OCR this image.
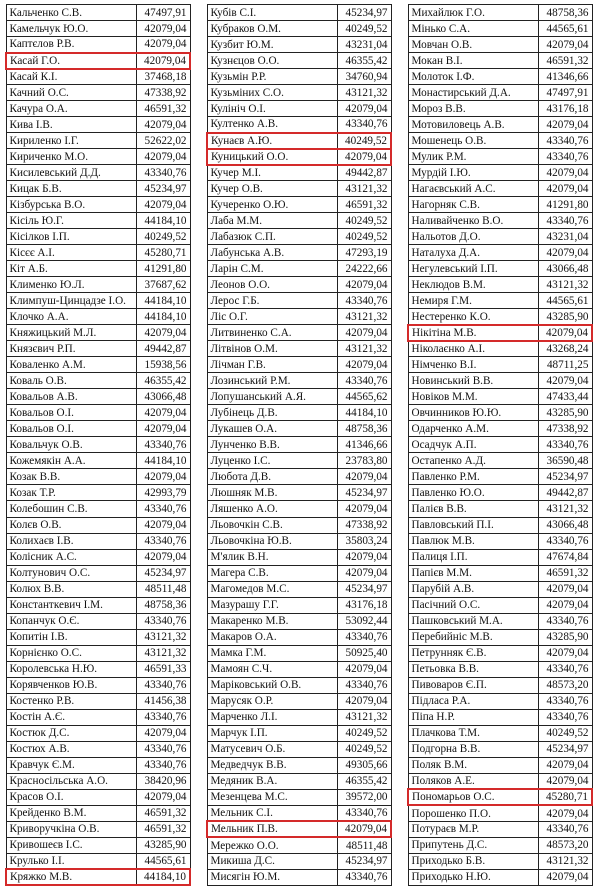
Кальченко С.В.	47497,91
Камельчук Ю.О.	42079,04
Каптєлов Р.В.	42079,04
Касай Г.О.	42079,04
Касай К.І.	37468,18
Качний О.С.	47338,92
Качура О.А.	46591,32
Кива І.В.	42079,04
Кириленко І.Г.	52622,02
Кириченко М.О.	42079,04
Кисилевський Д.Д.	43340,76
Кицак Б.В.	45234,97
Кізбурська В.О.	42079,04
Кісіль Ю.Г.	44184,10
Кісілков І.П.	40249,52
Кісєє А.І.	45280,71
Кіт А.Б.	41291,80
Клименко Ю.Л.	37687,62
Климпуш-Цинцадзе І.О.	44184,10
Клочко А.А.	44184,10
Княжицький М.Л.	42079,04
Князєвич Р.П.	49442,87
Коваленко А.М.	15938,56
Коваль О.В.	46355,42
Ковальов А.В.	43066,48
Ковальов О.І.	42079,04
Ковальов О.І.	42079,04
Ковальчук О.В.	43340,76
Кожемякін А.А.	44184,10
Козак В.В.	42079,04
Козак Т.Р.	42993,79
Колебошин С.В.	43340,76
Колєв О.В.	42079,04
Колихаєв І.В.	43340,76
Колісник А.С.	42079,04
Колтунович О.С.	45234,97
Колюх В.В.	48511,48
Константкевич І.М.	48758,36
Копанчук О.Є.	43340,76
Копитін І.В.	43121,32
Корнієнко О.С.	43121,32
Королевська Н.Ю.	46591,33
Корявченков Ю.В.	43340,76
Костенко Р.В.	41456,38
Костін А.Є.	43340,76
Костюк Д.С.	42079,04
Костюх А.В.	43340,76
Кравчук Є.М.	43340,76
Красносільська А.О.	38420,96
Красов О.І.	42079,04
Крейденко В.М.	46591,32
Криворучкіна О.В.	46591,32
Кривошеєв І.С.	43285,90
Крулько І.І.	44565,61
Кряжко М.В.	44184,10
Кубів С.І.	45234,97
Кубраков О.М.	40249,52
Кузбит Ю.М.	43231,04
Кузнєцов О.О.	46355,42
Кузьмін Р.Р.	34760,94
Кузьміних С.О.	43121,32
Кулініч О.І.	42079,04
Култенко А.В.	43340,76
Кунаєв А.Ю.	40249,52
Куницький О.О.	42079,04
Кучер М.І.	49442,87
Кучер О.В.	43121,32
Кучеренко О.Ю.	46591,32
Лаба М.М.	40249,52
Лабазюк С.П.	40249,52
Лабунська А.В.	47293,19
Ларін С.М.	24222,66
Леонов О.О.	42079,04
Лерос Г.Б.	43340,76
Ліс О.Г.	43121,32
Литвиненко С.А.	42079,04
Літвінов О.М.	43121,32
Лічман Г.В.	42079,04
Лозинський Р.М.	43340,76
Лопушанський А.Я.	44565,62
Лубінець Д.В.	44184,10
Лукашев О.А.	48758,36
Лунченко В.В.	41346,66
Луценко І.С.	23783,80
Любота Д.В.	42079,04
Люшняк М.В.	45234,97
Ляшенко А.О.	42079,04
Льовочкін С.В.	47338,92
Льовочкіна Ю.В.	35803,24
М'ялик В.Н.	42079,04
Магера С.В.	42079,04
Магомедов М.С.	45234,97
Мазурашу Г.Г.	43176,18
Макаренко М.В.	53092,44
Макаров О.А.	43340,76
Мамка Г.М.	50925,40
Мамоян С.Ч.	42079,04
Маріковський О.В.	43340,76
Марусяк О.Р.	42079,04
Марченко Л.І.	43121,32
Марчук І.П.	40249,52
Матусевич О.Б.	40249,52
Медведчук В.В.	49305,66
Медяник В.А.	46355,42
Мезенцева М.С.	39572,00
Мельник С.І.	43340,76
Мельник П.В.	42079,04
Мережко О.О.	48511,48
Микиша Д.С.	45234,97
Мисягін Ю.М.	43340,76
Михайлюк Г.О.	48758,36
Мінько С.А.	44565,61
Мовчан О.В.	42079,04
Мокан В.І.	46591,32
Молоток І.Ф.	41346,66
Монастирський Д.А.	47497,91
Мороз В.В.	43176,18
Мотовиловець А.В.	42079,04
Мошенець О.В.	43340,76
Мулик Р.М.	43340,76
Мурдій І.Ю.	42079,04
Нагаєвський А.С.	42079,04
Нагорняк С.В.	41291,80
Наливайченко В.О.	43340,76
Нальотов Д.О.	43231,04
Наталуха Д.А.	42079,04
Негулевський І.П.	43066,48
Неклюдов В.М.	43121,32
Немиря Г.М.	44565,61
Нестеренко К.О.	43285,90
Нікітіна М.В.	42079,04
Ніколаєнко А.І.	43268,24
Німченко В.І.	48711,25
Новинський В.В.	42079,04
Новіков М.М.	47433,44
Овчинников Ю.Ю.	43285,90
Одарченко А.М.	47338,92
Осадчук А.П.	43340,76
Остапенко А.Д.	36590,48
Павленко Р.М.	45234,97
Павленко Ю.О.	49442,87
Палієв В.В.	43121,32
Павловський П.І.	43066,48
Павлюк М.В.	43340,76
Палиця І.П.	47674,84
Папієв М.М.	46591,32
Парубій А.В.	42079,04
Пасічний О.С.	42079,04
Пашковський М.А.	43340,76
Перебийніс М.В.	43285,90
Петрунняк Є.В.	42079,04
Петьовка В.В.	43340,76
Пивоваров Є.П.	48573,20
Підласа Р.А.	43340,76
Піпа Н.Р.	43340,76
Плачкова Т.М.	40249,52
Подгорна В.В.	45234,97
Поляк В.М.	42079,04
Поляков А.Е.	42079,04
Пономарьов О.С.	45280,71
Порошенко П.О.	42079,04
Потураєв М.Р.	43340,76
Припутень Д.С.	48573,20
Приходько Б.В.	43121,32
Приходько Н.Ю.	42079,04
